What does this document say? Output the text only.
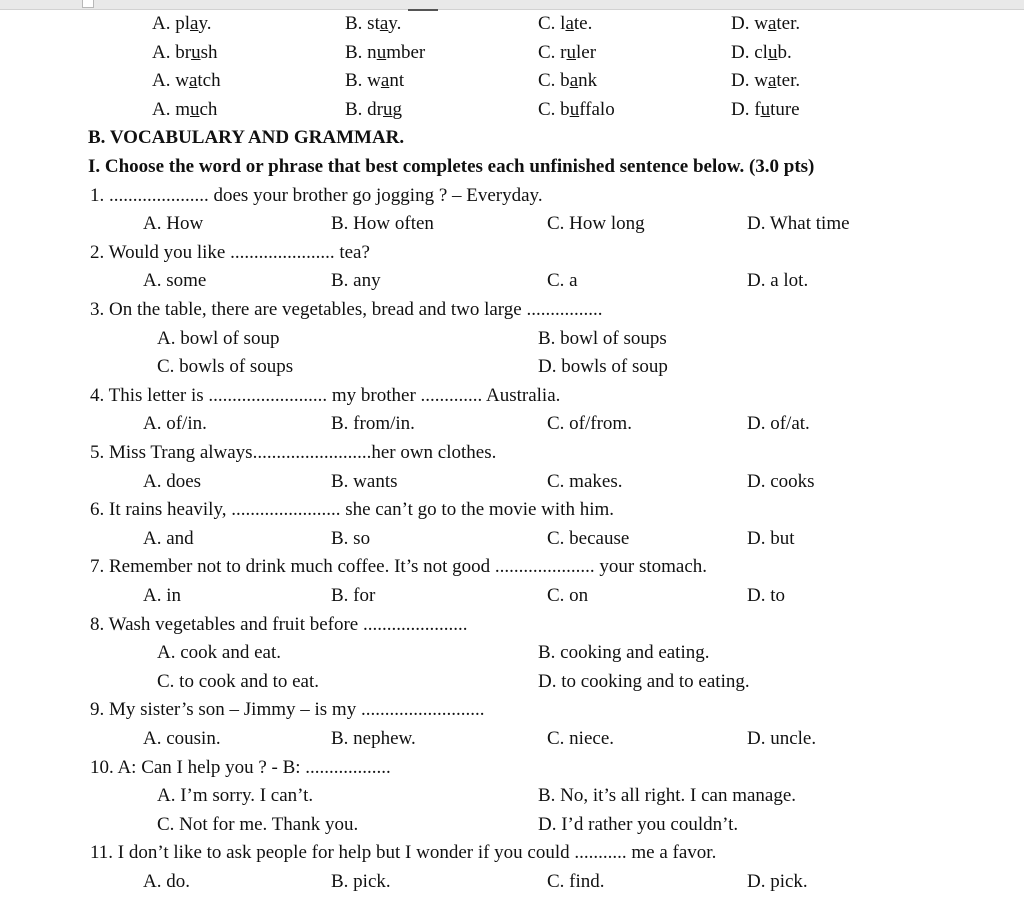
A. play.	B. stay.	C. late.	D. water.
A. brush	B. number	C. ruler	D. club.
A. watch	B. want	C. bank	D. water.
A. much	B. drug	C. buffalo	D. future
B. VOCABULARY AND GRAMMAR.
I. Choose the word or phrase that best completes each unfinished sentence below. (3.0 pts)
1. ..................... does your brother go jogging ? – Everyday.
A. How	B. How often	C. How long	D. What time
2. Would you like ...................... tea?
A. some	B. any	C. a	D. a lot.
3. On the table, there are vegetables, bread and two large ................
A. bowl of soup	B. bowl of soups
C. bowls of soups	D. bowls of soup
4. This letter is ......................... my brother ............. Australia.
A. of/in.	B. from/in.	C. of/from.	D. of/at.
5. Miss Trang always.........................her own clothes.
A. does	B. wants	C. makes.	D. cooks
6. It rains heavily, ....................... she can’t go to the movie with him.
A. and	B. so	C. because	D. but
7. Remember not to drink much coffee. It’s not good ..................... your stomach.
A. in	B. for	C. on	D. to
8. Wash vegetables and fruit before ......................
A. cook and eat.	B. cooking and eating.
C. to cook and to eat.	D. to cooking and to eating.
9. My sister’s son – Jimmy – is my ..........................
A. cousin.	B. nephew.	C. niece.	D. uncle.
10. A: Can I help you ? - B: ..................
A. I’m sorry. I can’t.	B. No, it’s all right. I can manage.
C. Not for me. Thank you.	D. I’d rather you couldn’t.
11. I don’t like to ask people for help but I wonder if you could ........... me a favor.
A. do.	B. pick.	C. find.	D. pick.
